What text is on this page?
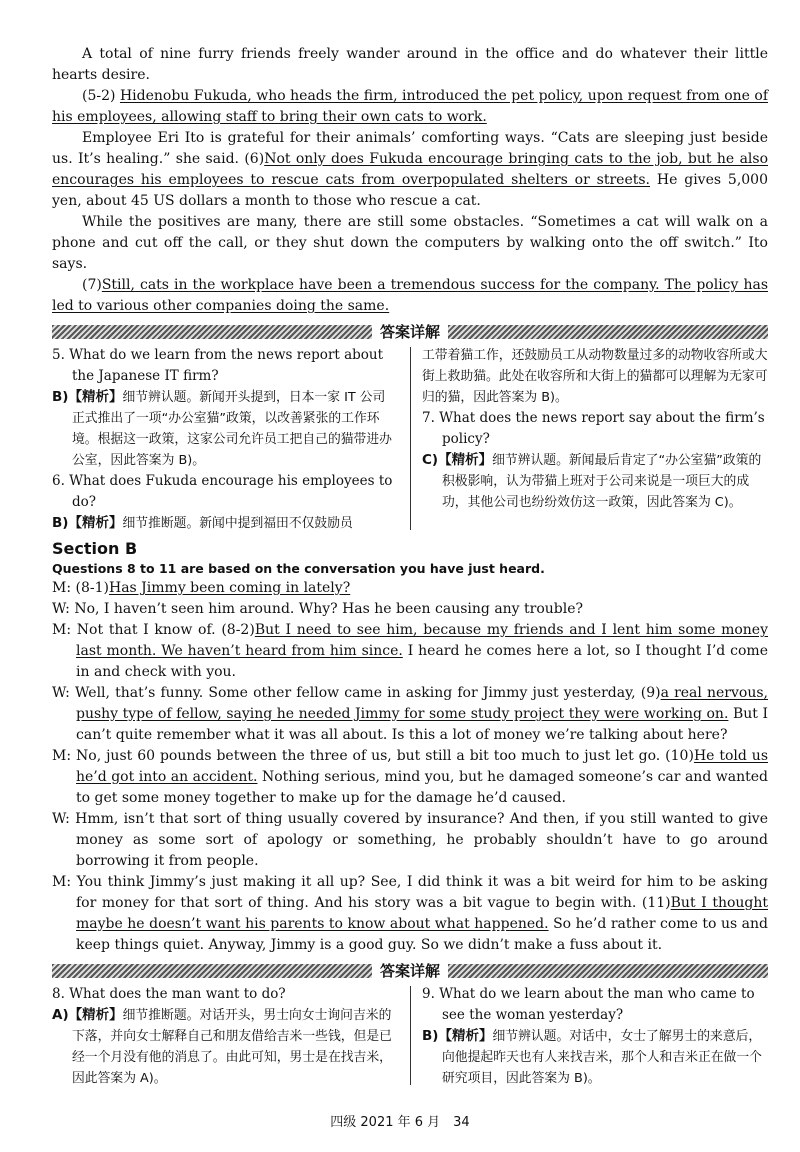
A total of nine furry friends freely wander around in the office and do whatever their little hearts desire.

(5-2) Hidenobu Fukuda, who heads the firm, introduced the pet policy, upon request from one of his employees, allowing staff to bring their own cats to work.

Employee Eri Ito is grateful for their animals’ comforting ways. “Cats are sleeping just beside us. It’s healing.” she said. (6)Not only does Fukuda encourage bringing cats to the job, but he also encourages his employees to rescue cats from overpopulated shelters or streets. He gives 5,000 yen, about 45 US dollars a month to those who rescue a cat.

While the positives are many, there are still some obstacles. “Sometimes a cat will walk on a phone and cut off the call, or they shut down the computers by walking onto the off switch.” Ito says.

(7)Still, cats in the workplace have been a tremendous success for the company. The policy has led to various other companies doing the same.

答案详解

5. What do we learn from the news report about the Japanese IT firm?

B)【精析】细节辨认题。新闻开头提到，日本一家 IT 公司正式推出了一项“办公室猫”政策，以改善紧张的工作环境。根据这一政策，这家公司允许员工把自己的猫带进办公室，因此答案为 B)。

6. What does Fukuda encourage his employees to do?

B)【精析】细节推断题。新闻中提到福田不仅鼓励员

工带着猫工作，还鼓励员工从动物数量过多的动物收容所或大街上救助猫。此处在收容所和大街上的猫都可以理解为无家可归的猫，因此答案为 B)。

7. What does the news report say about the firm’s policy?

C)【精析】细节辨认题。新闻最后肯定了“办公室猫”政策的积极影响，认为带猫上班对于公司来说是一项巨大的成功，其他公司也纷纷效仿这一政策，因此答案为 C)。

Section B

Questions 8 to 11 are based on the conversation you have just heard.

M: (8-1)Has Jimmy been coming in lately?

W: No, I haven’t seen him around. Why? Has he been causing any trouble?

M: Not that I know of. (8-2)But I need to see him, because my friends and I lent him some money last month. We haven’t heard from him since. I heard he comes here a lot, so I thought I’d come in and check with you.

W: Well, that’s funny. Some other fellow came in asking for Jimmy just yesterday, (9)a real nervous, pushy type of fellow, saying he needed Jimmy for some study project they were working on. But I can’t quite remember what it was all about. Is this a lot of money we’re talking about here?

M: No, just 60 pounds between the three of us, but still a bit too much to just let go. (10)He told us he’d got into an accident. Nothing serious, mind you, but he damaged someone’s car and wanted to get some money together to make up for the damage he’d caused.

W: Hmm, isn’t that sort of thing usually covered by insurance? And then, if you still wanted to give money as some sort of apology or something, he probably shouldn’t have to go around borrowing it from people.

M: You think Jimmy’s just making it all up? See, I did think it was a bit weird for him to be asking for money for that sort of thing. And his story was a bit vague to begin with. (11)But I thought maybe he doesn’t want his parents to know about what happened. So he’d rather come to us and keep things quiet. Anyway, Jimmy is a good guy. So we didn’t make a fuss about it.

答案详解

8. What does the man want to do?

A)【精析】细节推断题。对话开头，男士向女士询问吉米的下落，并向女士解释自己和朋友借给吉米一些钱，但是已经一个月没有他的消息了。由此可知，男士是在找吉米，因此答案为 A)。

9. What do we learn about the man who came to see the woman yesterday?

B)【精析】细节辨认题。对话中，女士了解男士的来意后，向他提起昨天也有人来找吉米，那个人和吉米正在做一个研究项目，因此答案为 B)。

四级 2021 年 6 月　34
